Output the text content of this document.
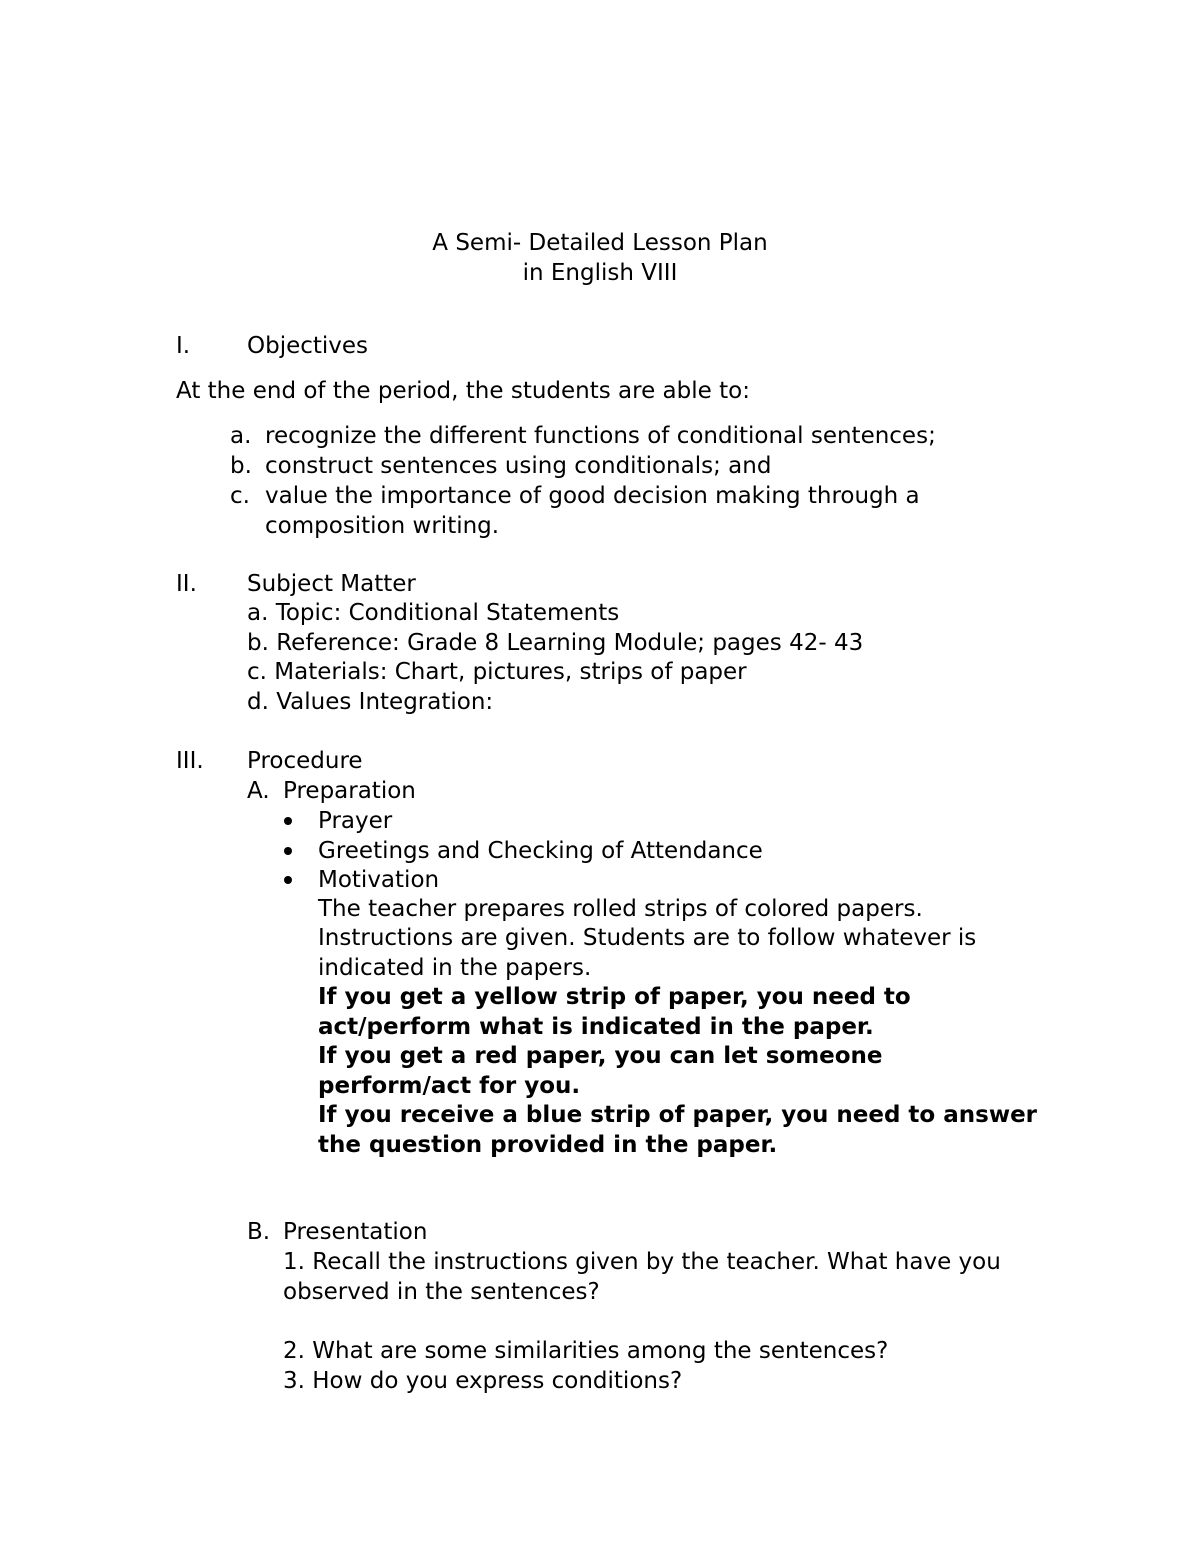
A Semi- Detailed Lesson Plan
in English VIII
I. Objectives
At the end of the period, the students are able to:
a. recognize the different functions of conditional sentences;
b. construct sentences using conditionals; and
c. value the importance of good decision making through a
composition writing.
II. Subject Matter
a. Topic: Conditional Statements
b. Reference: Grade 8 Learning Module; pages 42- 43
c. Materials: Chart, pictures, strips of paper
d. Values Integration:
III. Procedure
A. Preparation
Prayer
Greetings and Checking of Attendance
Motivation
The teacher prepares rolled strips of colored papers.
Instructions are given. Students are to follow whatever is
indicated in the papers.
If you get a yellow strip of paper, you need to
act/perform what is indicated in the paper.
If you get a red paper, you can let someone
perform/act for you.
If you receive a blue strip of paper, you need to answer
the question provided in the paper.
B. Presentation
1. Recall the instructions given by the teacher. What have you
observed in the sentences?
2. What are some similarities among the sentences?
3. How do you express conditions?
